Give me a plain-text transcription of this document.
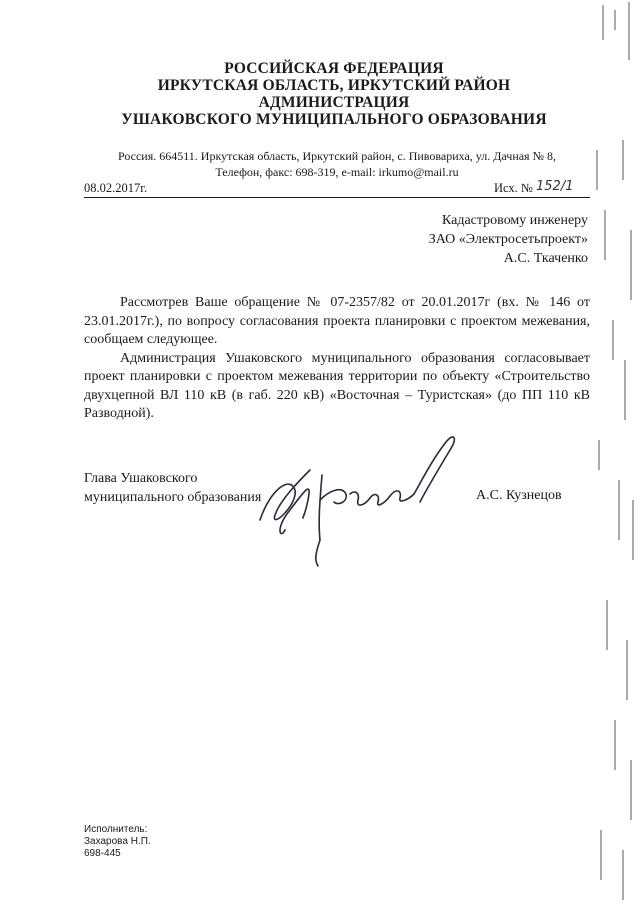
РОССИЙСКАЯ ФЕДЕРАЦИЯ
ИРКУТСКАЯ ОБЛАСТЬ, ИРКУТСКИЙ РАЙОН
АДМИНИСТРАЦИЯ
УШАКОВСКОГО МУНИЦИПАЛЬНОГО ОБРАЗОВАНИЯ
Россия. 664511. Иркутская область, Иркутский район, с. Пивовариха, ул. Дачная № 8,
Телефон, факс: 698-319, e-mail: irkumo@mail.ru
08.02.2017г.	Исх. № 152/1
Кадастровому инженеру
ЗАО «Электросетьпроект»
А.С. Ткаченко

Рассмотрев Ваше обращение № 07-2357/82 от 20.01.2017г (вх. № 146 от 23.01.2017г.), по вопросу согласования проекта планировки с проектом межевания, сообщаем следующее.

Администрация Ушаковского муниципального образования согласовывает проект планировки с проектом межевания территории по объекту «Строительство двухцепной ВЛ 110 кВ (в габ. 220 кВ) «Восточная – Туристская» (до ПП 110 кВ Разводной).

Глава Ушаковского
муниципального образования	А.С. Кузнецов
Исполнитель:
Захарова Н.П.
698-445
